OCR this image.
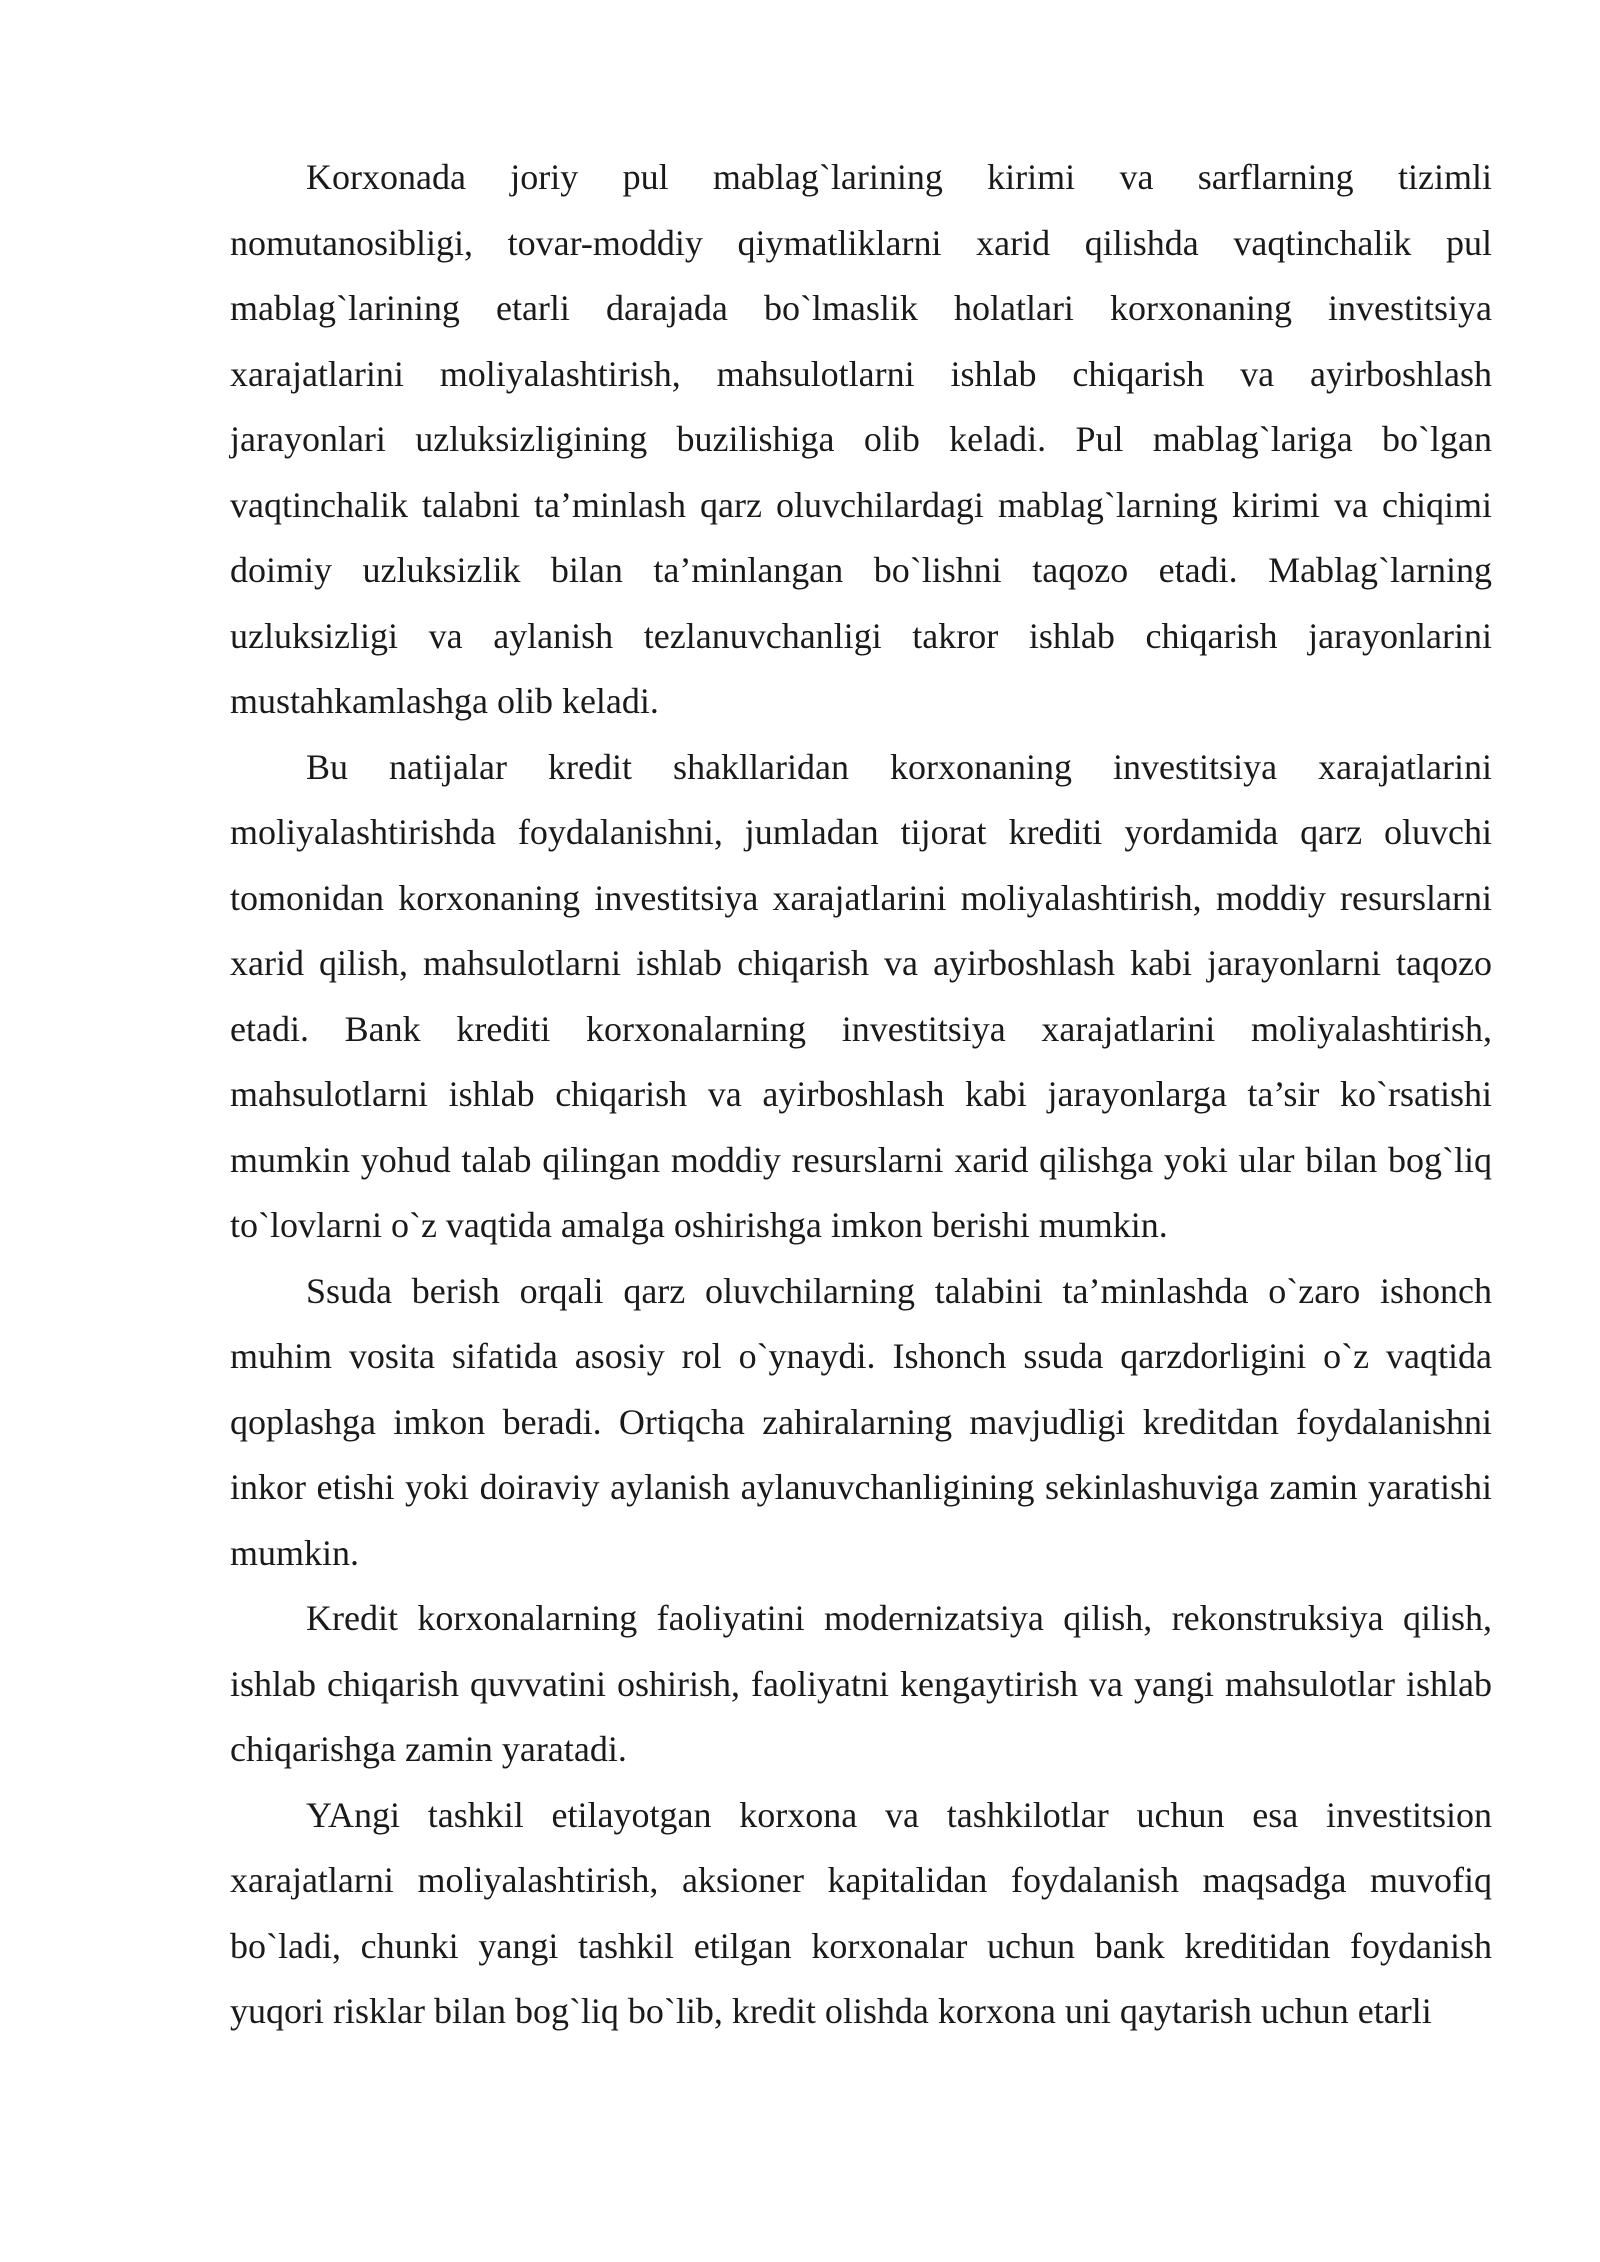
Korxonada joriy pul mablag`larining kirimi va sarflarning tizimli nomutanosibligi, tovar-moddiy qiymatliklarni xarid qilishda vaqtinchalik pul mablag`larining etarli darajada bo`lmaslik holatlari korxonaning investitsiya xarajatlarini moliyalashtirish, mahsulotlarni ishlab chiqarish va ayirboshlash jarayonlari uzluksizligining buzilishiga olib keladi. Pul mablag`lariga bo`lgan vaqtinchalik talabni ta’minlash qarz oluvchilardagi mablag`larning kirimi va chiqimi doimiy uzluksizlik bilan ta’minlangan bo`lishni taqozo etadi. Mablag`larning uzluksizligi va aylanish tezlanuvchanligi takror ishlab chiqarish jarayonlarini mustahkamlashga olib keladi.

Bu natijalar kredit shakllaridan korxonaning investitsiya xarajatlarini moliyalashtirishda foydalanishni, jumladan tijorat krediti yordamida qarz oluvchi tomonidan korxonaning investitsiya xarajatlarini moliyalashtirish, moddiy resurslarni xarid qilish, mahsulotlarni ishlab chiqarish va ayirboshlash kabi jarayonlarni taqozo etadi. Bank krediti korxonalarning investitsiya xarajatlarini moliyalashtirish, mahsulotlarni ishlab chiqarish va ayirboshlash kabi jarayonlarga ta’sir ko`rsatishi mumkin yohud talab qilingan moddiy resurslarni xarid qilishga yoki ular bilan bog`liq to`lovlarni o`z vaqtida amalga oshirishga imkon berishi mumkin.

Ssuda berish orqali qarz oluvchilarning talabini ta’minlashda o`zaro ishonch muhim vosita sifatida asosiy rol o`ynaydi. Ishonch ssuda qarzdorligini o`z vaqtida qoplashga imkon beradi. Ortiqcha zahiralarning mavjudligi kreditdan foydalanishni inkor etishi yoki doiraviy aylanish aylanuvchanligining sekinlashuviga zamin yaratishi mumkin.

Kredit korxonalarning faoliyatini modernizatsiya qilish, rekonstruksiya qilish, ishlab chiqarish quvvatini oshirish, faoliyatni kengaytirish va yangi mahsulotlar ishlab chiqarishga zamin yaratadi.

YAngi tashkil etilayotgan korxona va tashkilotlar uchun esa investitsion xarajatlarni moliyalashtirish, aksioner kapitalidan foydalanish maqsadga muvofiq bo`ladi, chunki yangi tashkil etilgan korxonalar uchun bank kreditidan foydanish yuqori risklar bilan bog`liq bo`lib, kredit olishda korxona uni qaytarish uchun etarli
